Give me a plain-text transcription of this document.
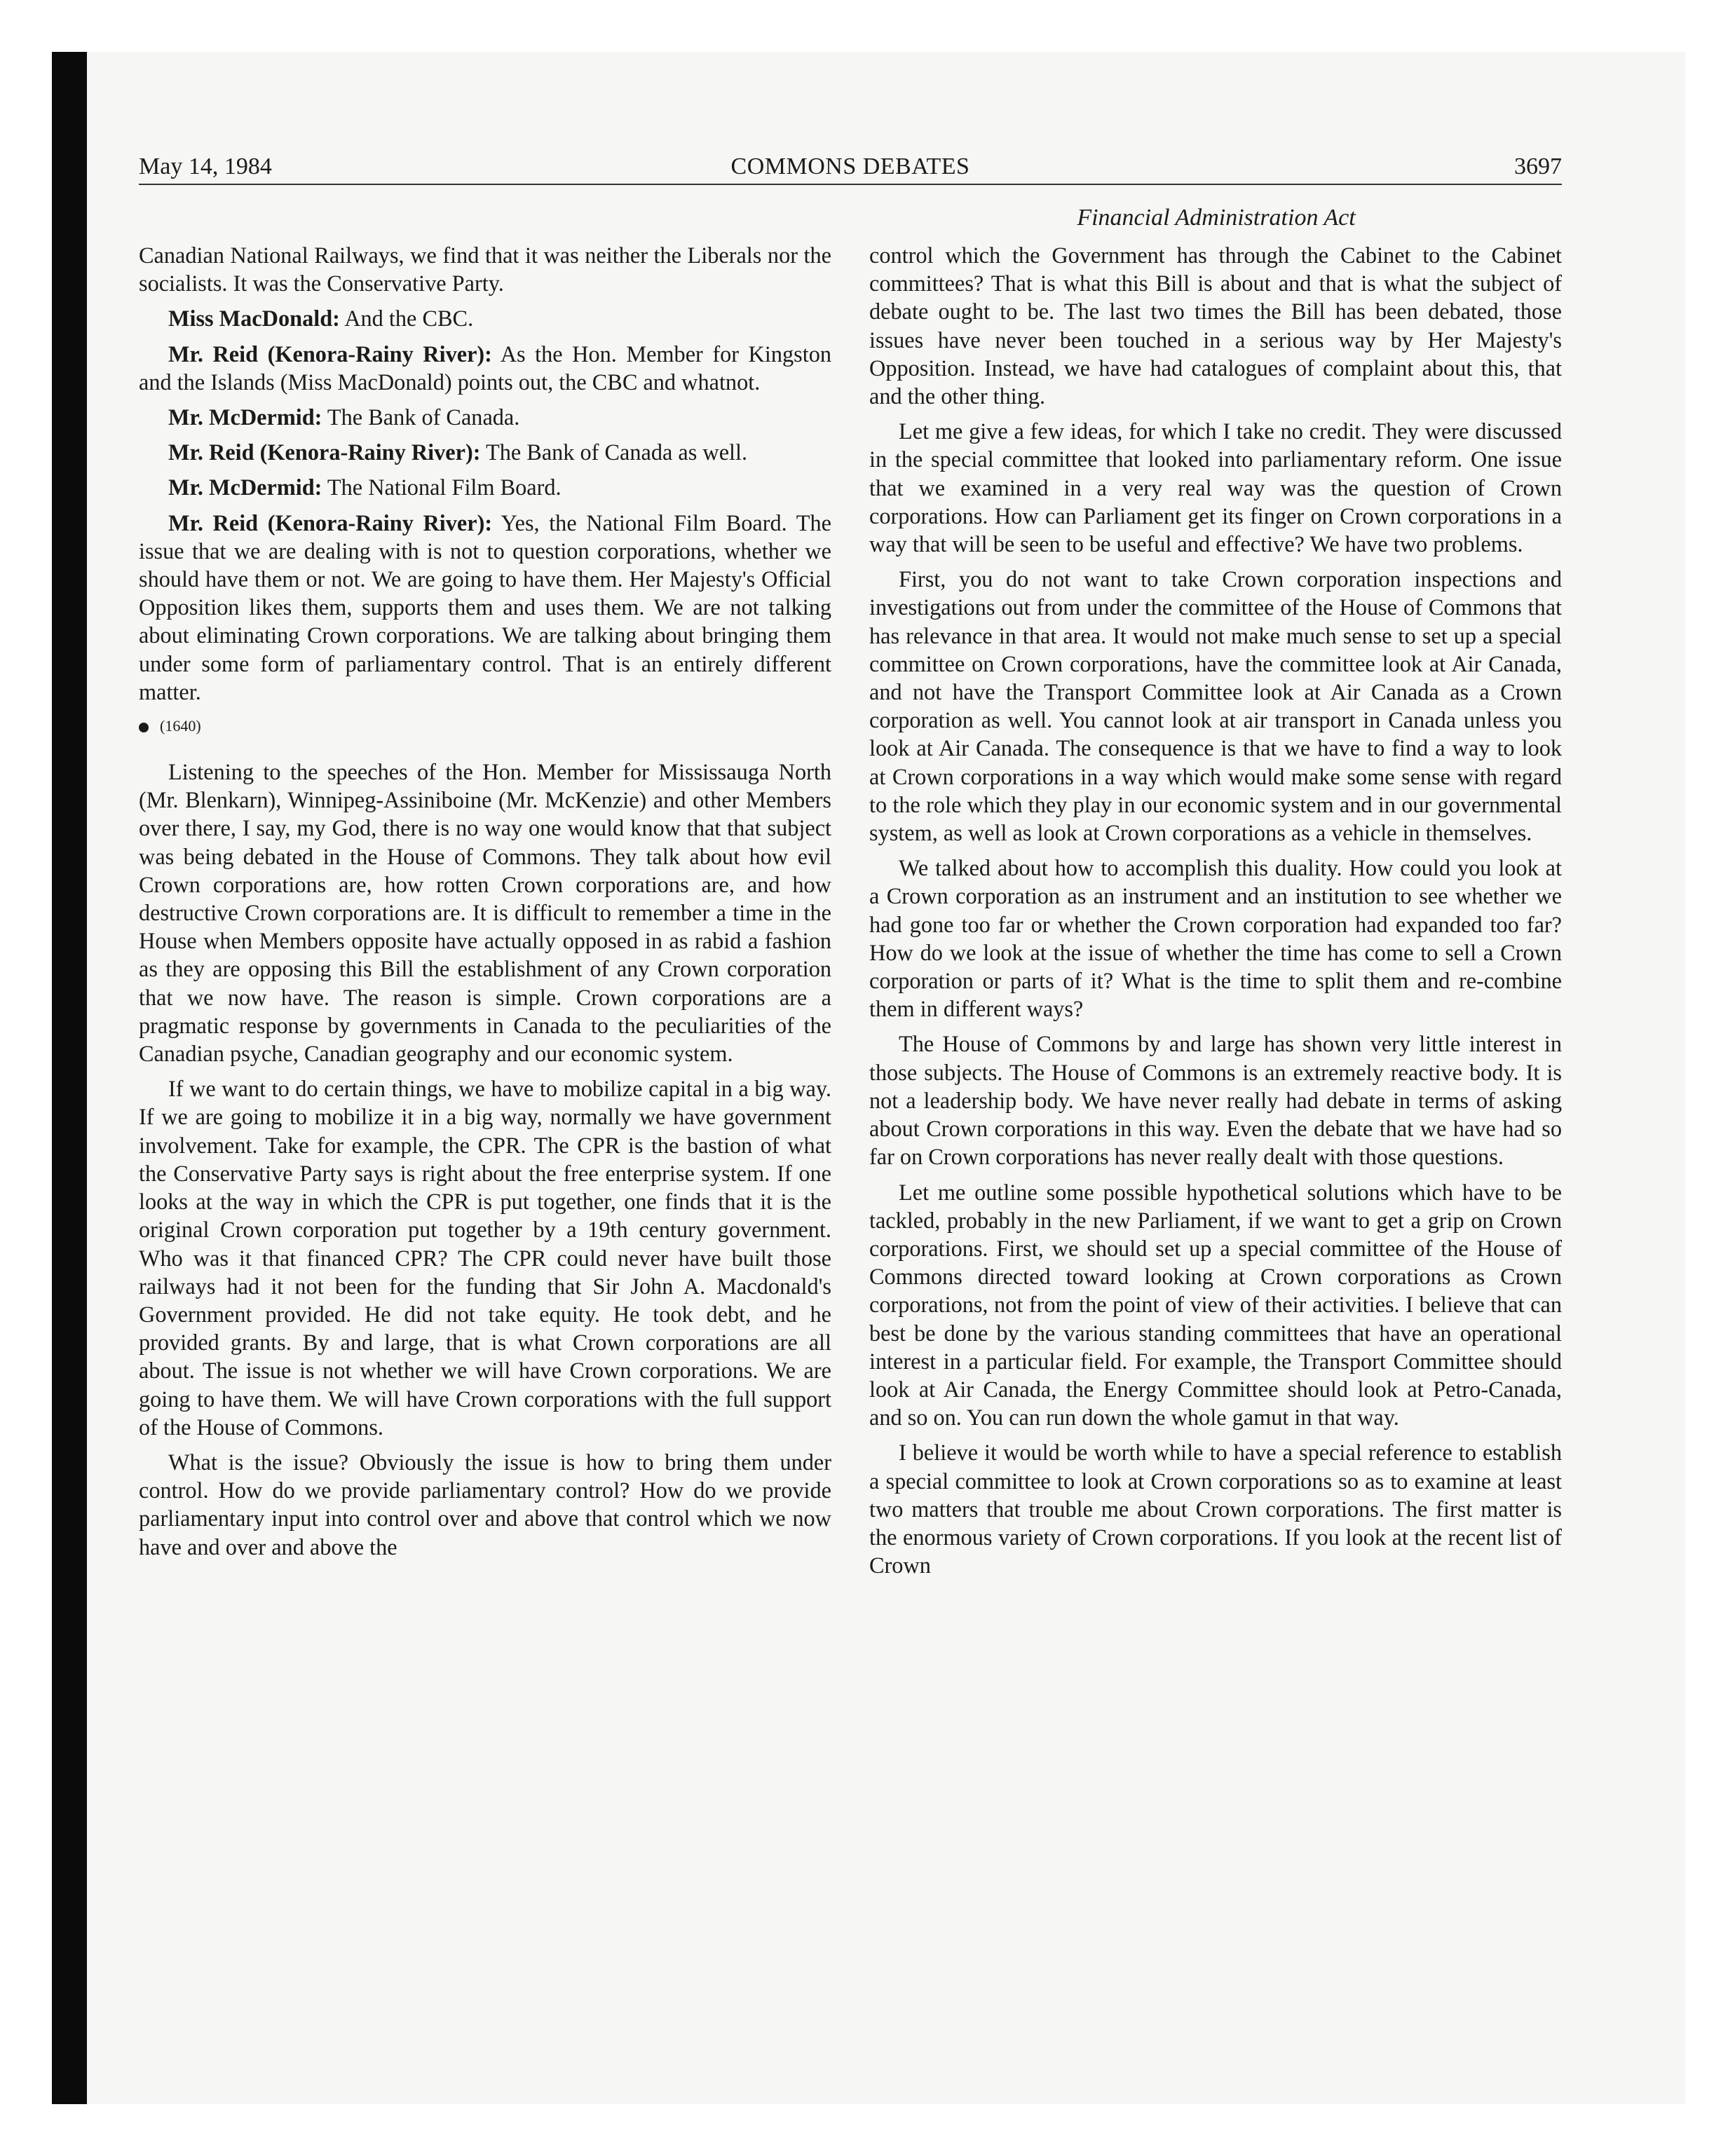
May 14, 1984	COMMONS DEBATES	3697
Financial Administration Act

Canadian National Railways, we find that it was neither the Liberals nor the socialists. It was the Conservative Party.

Miss MacDonald: And the CBC.

Mr. Reid (Kenora-Rainy River): As the Hon. Member for Kingston and the Islands (Miss MacDonald) points out, the CBC and whatnot.

Mr. McDermid: The Bank of Canada.

Mr. Reid (Kenora-Rainy River): The Bank of Canada as well.

Mr. McDermid: The National Film Board.

Mr. Reid (Kenora-Rainy River): Yes, the National Film Board. The issue that we are dealing with is not to question corporations, whether we should have them or not. We are going to have them. Her Majesty's Official Opposition likes them, supports them and uses them. We are not talking about eliminating Crown corporations. We are talking about bringing them under some form of parliamentary control. That is an entirely different matter.

(1640)

Listening to the speeches of the Hon. Member for Mississauga North (Mr. Blenkarn), Winnipeg-Assiniboine (Mr. McKenzie) and other Members over there, I say, my God, there is no way one would know that that subject was being debated in the House of Commons. They talk about how evil Crown corporations are, how rotten Crown corporations are, and how destructive Crown corporations are. It is difficult to remember a time in the House when Members opposite have actually opposed in as rabid a fashion as they are opposing this Bill the establishment of any Crown corporation that we now have. The reason is simple. Crown corporations are a pragmatic response by governments in Canada to the peculiarities of the Canadian psyche, Canadian geography and our economic system.

If we want to do certain things, we have to mobilize capital in a big way. If we are going to mobilize it in a big way, normally we have government involvement. Take for example, the CPR. The CPR is the bastion of what the Conservative Party says is right about the free enterprise system. If one looks at the way in which the CPR is put together, one finds that it is the original Crown corporation put together by a 19th century government. Who was it that financed CPR? The CPR could never have built those railways had it not been for the funding that Sir John A. Macdonald's Government provided. He did not take equity. He took debt, and he provided grants. By and large, that is what Crown corporations are all about. The issue is not whether we will have Crown corporations. We are going to have them. We will have Crown corporations with the full support of the House of Commons.

What is the issue? Obviously the issue is how to bring them under control. How do we provide parliamentary control? How do we provide parliamentary input into control over and above that control which we now have and over and above the

control which the Government has through the Cabinet to the Cabinet committees? That is what this Bill is about and that is what the subject of debate ought to be. The last two times the Bill has been debated, those issues have never been touched in a serious way by Her Majesty's Opposition. Instead, we have had catalogues of complaint about this, that and the other thing.

Let me give a few ideas, for which I take no credit. They were discussed in the special committee that looked into parliamentary reform. One issue that we examined in a very real way was the question of Crown corporations. How can Parliament get its finger on Crown corporations in a way that will be seen to be useful and effective? We have two problems.

First, you do not want to take Crown corporation inspections and investigations out from under the committee of the House of Commons that has relevance in that area. It would not make much sense to set up a special committee on Crown corporations, have the committee look at Air Canada, and not have the Transport Committee look at Air Canada as a Crown corporation as well. You cannot look at air transport in Canada unless you look at Air Canada. The consequence is that we have to find a way to look at Crown corporations in a way which would make some sense with regard to the role which they play in our economic system and in our governmental system, as well as look at Crown corporations as a vehicle in themselves.

We talked about how to accomplish this duality. How could you look at a Crown corporation as an instrument and an institution to see whether we had gone too far or whether the Crown corporation had expanded too far? How do we look at the issue of whether the time has come to sell a Crown corporation or parts of it? What is the time to split them and re-combine them in different ways?

The House of Commons by and large has shown very little interest in those subjects. The House of Commons is an extremely reactive body. It is not a leadership body. We have never really had debate in terms of asking about Crown corporations in this way. Even the debate that we have had so far on Crown corporations has never really dealt with those questions.

Let me outline some possible hypothetical solutions which have to be tackled, probably in the new Parliament, if we want to get a grip on Crown corporations. First, we should set up a special committee of the House of Commons directed toward looking at Crown corporations as Crown corporations, not from the point of view of their activities. I believe that can best be done by the various standing committees that have an operational interest in a particular field. For example, the Transport Committee should look at Air Canada, the Energy Committee should look at Petro-Canada, and so on. You can run down the whole gamut in that way.

I believe it would be worth while to have a special reference to establish a special committee to look at Crown corporations so as to examine at least two matters that trouble me about Crown corporations. The first matter is the enormous variety of Crown corporations. If you look at the recent list of Crown
